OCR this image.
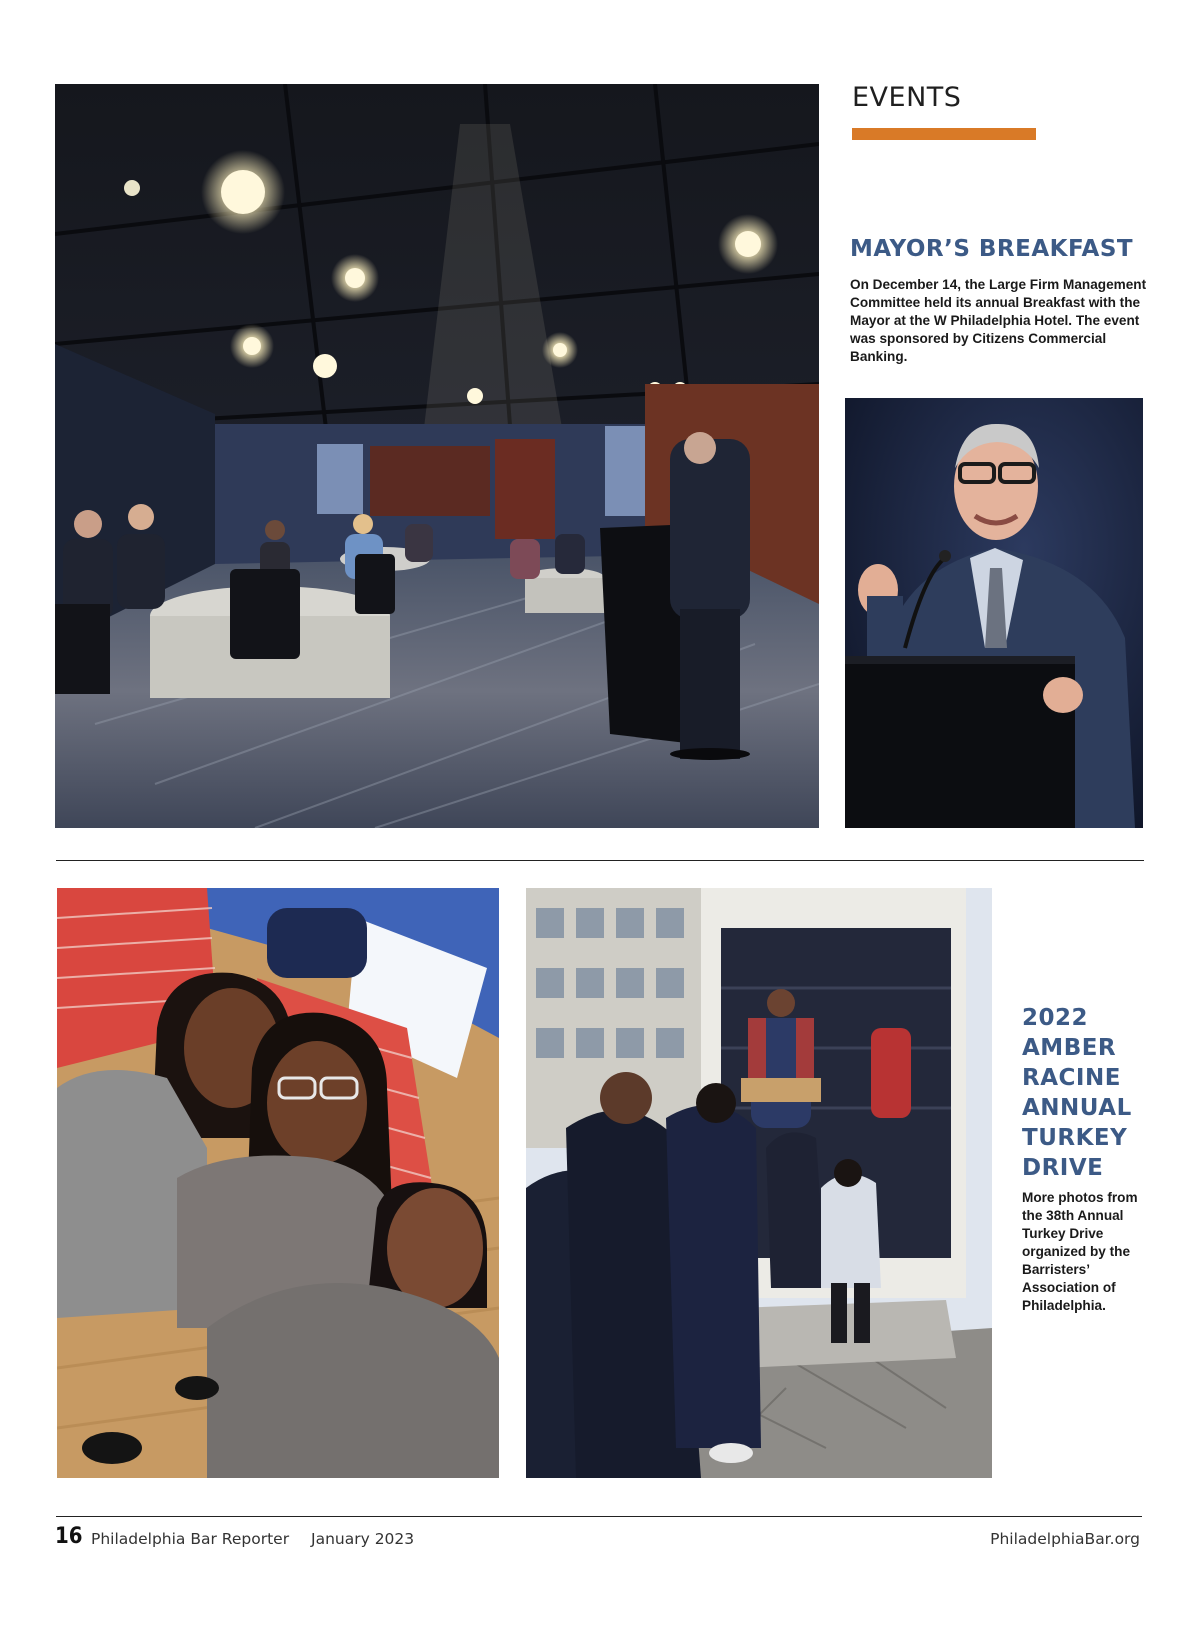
EVENTS
MAYOR’S BREAKFAST
On December 14, the Large Firm Management Committee held its annual Breakfast with the Mayor at the W Philadelphia Hotel. The event was sponsored by Citizens Commercial Banking.
2022
AMBER
RACINE
ANNUAL
TURKEY
DRIVE
More photos from the 38th Annual Turkey Drive organized by the Barristers’ Association of Philadelphia.
16 Philadelphia Bar Reporter January 2023	PhiladelphiaBar.org
